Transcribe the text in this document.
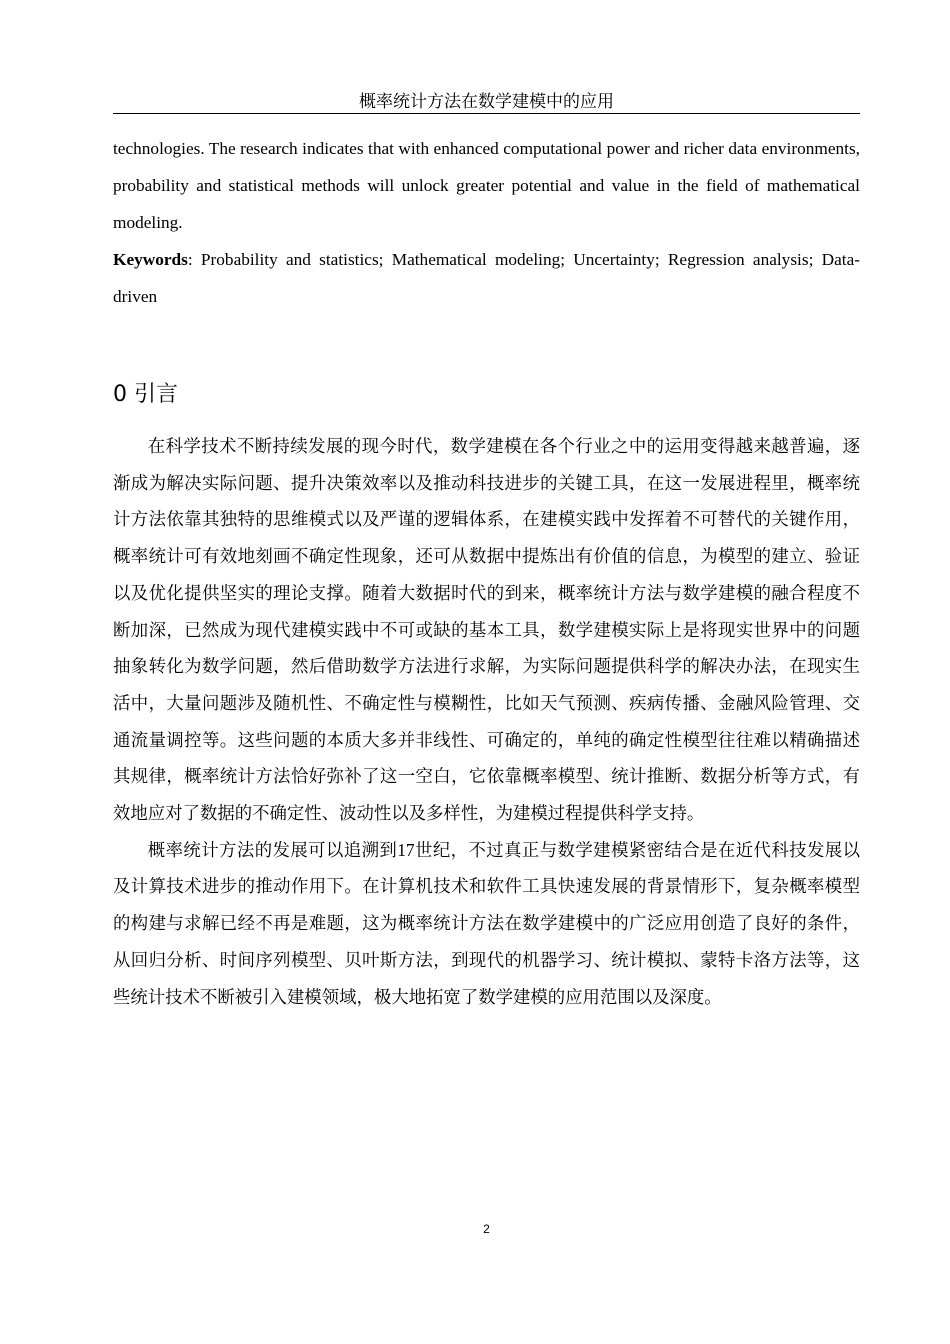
概率统计方法在数学建模中的应用

technologies. The research indicates that with enhanced computational power and richer data environments, probability and statistical methods will unlock greater potential and value in the field of mathematical modeling.

Keywords: Probability and statistics; Mathematical modeling; Uncertainty; Regression analysis; Data-driven

0 引言

在科学技术不断持续发展的现今时代，数学建模在各个行业之中的运用变得越来越普遍，逐渐成为解决实际问题、提升决策效率以及推动科技进步的关键工具，在这一发展进程里，概率统计方法依靠其独特的思维模式以及严谨的逻辑体系，在建模实践中发挥着不可替代的关键作用，概率统计可有效地刻画不确定性现象，还可从数据中提炼出有价值的信息，为模型的建立、验证以及优化提供坚实的理论支撑。随着大数据时代的到来，概率统计方法与数学建模的融合程度不断加深，已然成为现代建模实践中不可或缺的基本工具，数学建模实际上是将现实世界中的问题抽象转化为数学问题，然后借助数学方法进行求解，为实际问题提供科学的解决办法，在现实生活中，大量问题涉及随机性、不确定性与模糊性，比如天气预测、疾病传播、金融风险管理、交通流量调控等。这些问题的本质大多并非线性、可确定的，单纯的确定性模型往往难以精确描述其规律，概率统计方法恰好弥补了这一空白，它依靠概率模型、统计推断、数据分析等方式，有效地应对了数据的不确定性、波动性以及多样性，为建模过程提供科学支持。

概率统计方法的发展可以追溯到17世纪，不过真正与数学建模紧密结合是在近代科技发展以及计算技术进步的推动作用下。在计算机技术和软件工具快速发展的背景情形下，复杂概率模型的构建与求解已经不再是难题，这为概率统计方法在数学建模中的广泛应用创造了良好的条件，从回归分析、时间序列模型、贝叶斯方法，到现代的机器学习、统计模拟、蒙特卡洛方法等，这些统计技术不断被引入建模领域，极大地拓宽了数学建模的应用范围以及深度。

2
